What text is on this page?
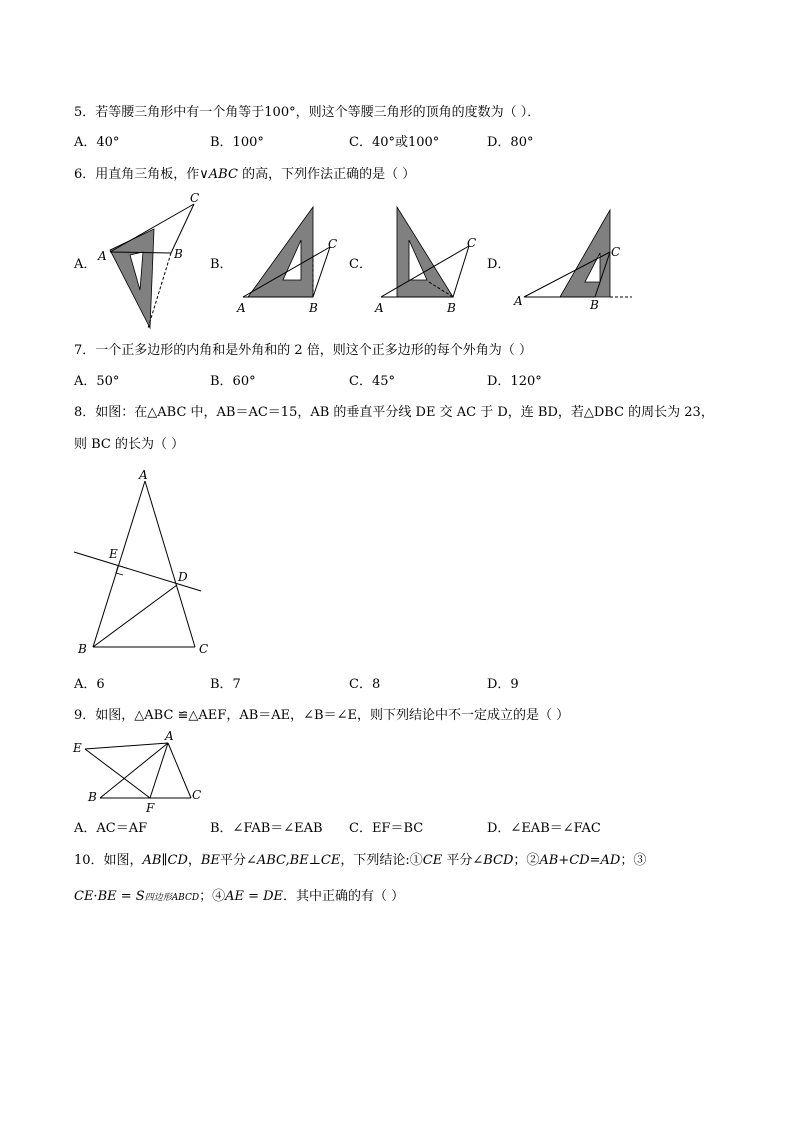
5．若等腰三角形中有一个角等于100°，则这个等腰三角形的顶角的度数为（ ）．
A．40°	B．100°	C．40°或100°	D．80°
6．用直角三角板，作∨ABC 的高，下列作法正确的是（ ）
A．	B．	C．	D．
A	B
C
A	B
C
A	B
C
A	B
C
7．一个正多边形的内角和是外角和的 2 倍，则这个正多边形的每个外角为（ ）
A．50°	B．60°	C．45°	D．120°
8．如图：在△ABC 中，AB＝AC＝15，AB 的垂直平分线 DE 交 AC 于 D，连 BD，若△DBC 的周长为 23，
则 BC 的长为（ ）
A
E
D
B	C
A．6	B．7	C．8	D．9
9．如图，△ABC ≌△AEF，AB＝AE，∠B＝∠E，则下列结论中不一定成立的是（ ）
E
A
B
F
C
A．AC＝AF	B．∠FAB＝∠EAB C．EF＝BC	D．∠EAB＝∠FAC
10．如图，AB∥CD，BE平分∠ABC,BE⊥CE，下列结论:①CE 平分∠BCD；②AB+CD=AD；③
CE·BE = S四边形ABCD；④AE = DE．其中正确的有（ ）
